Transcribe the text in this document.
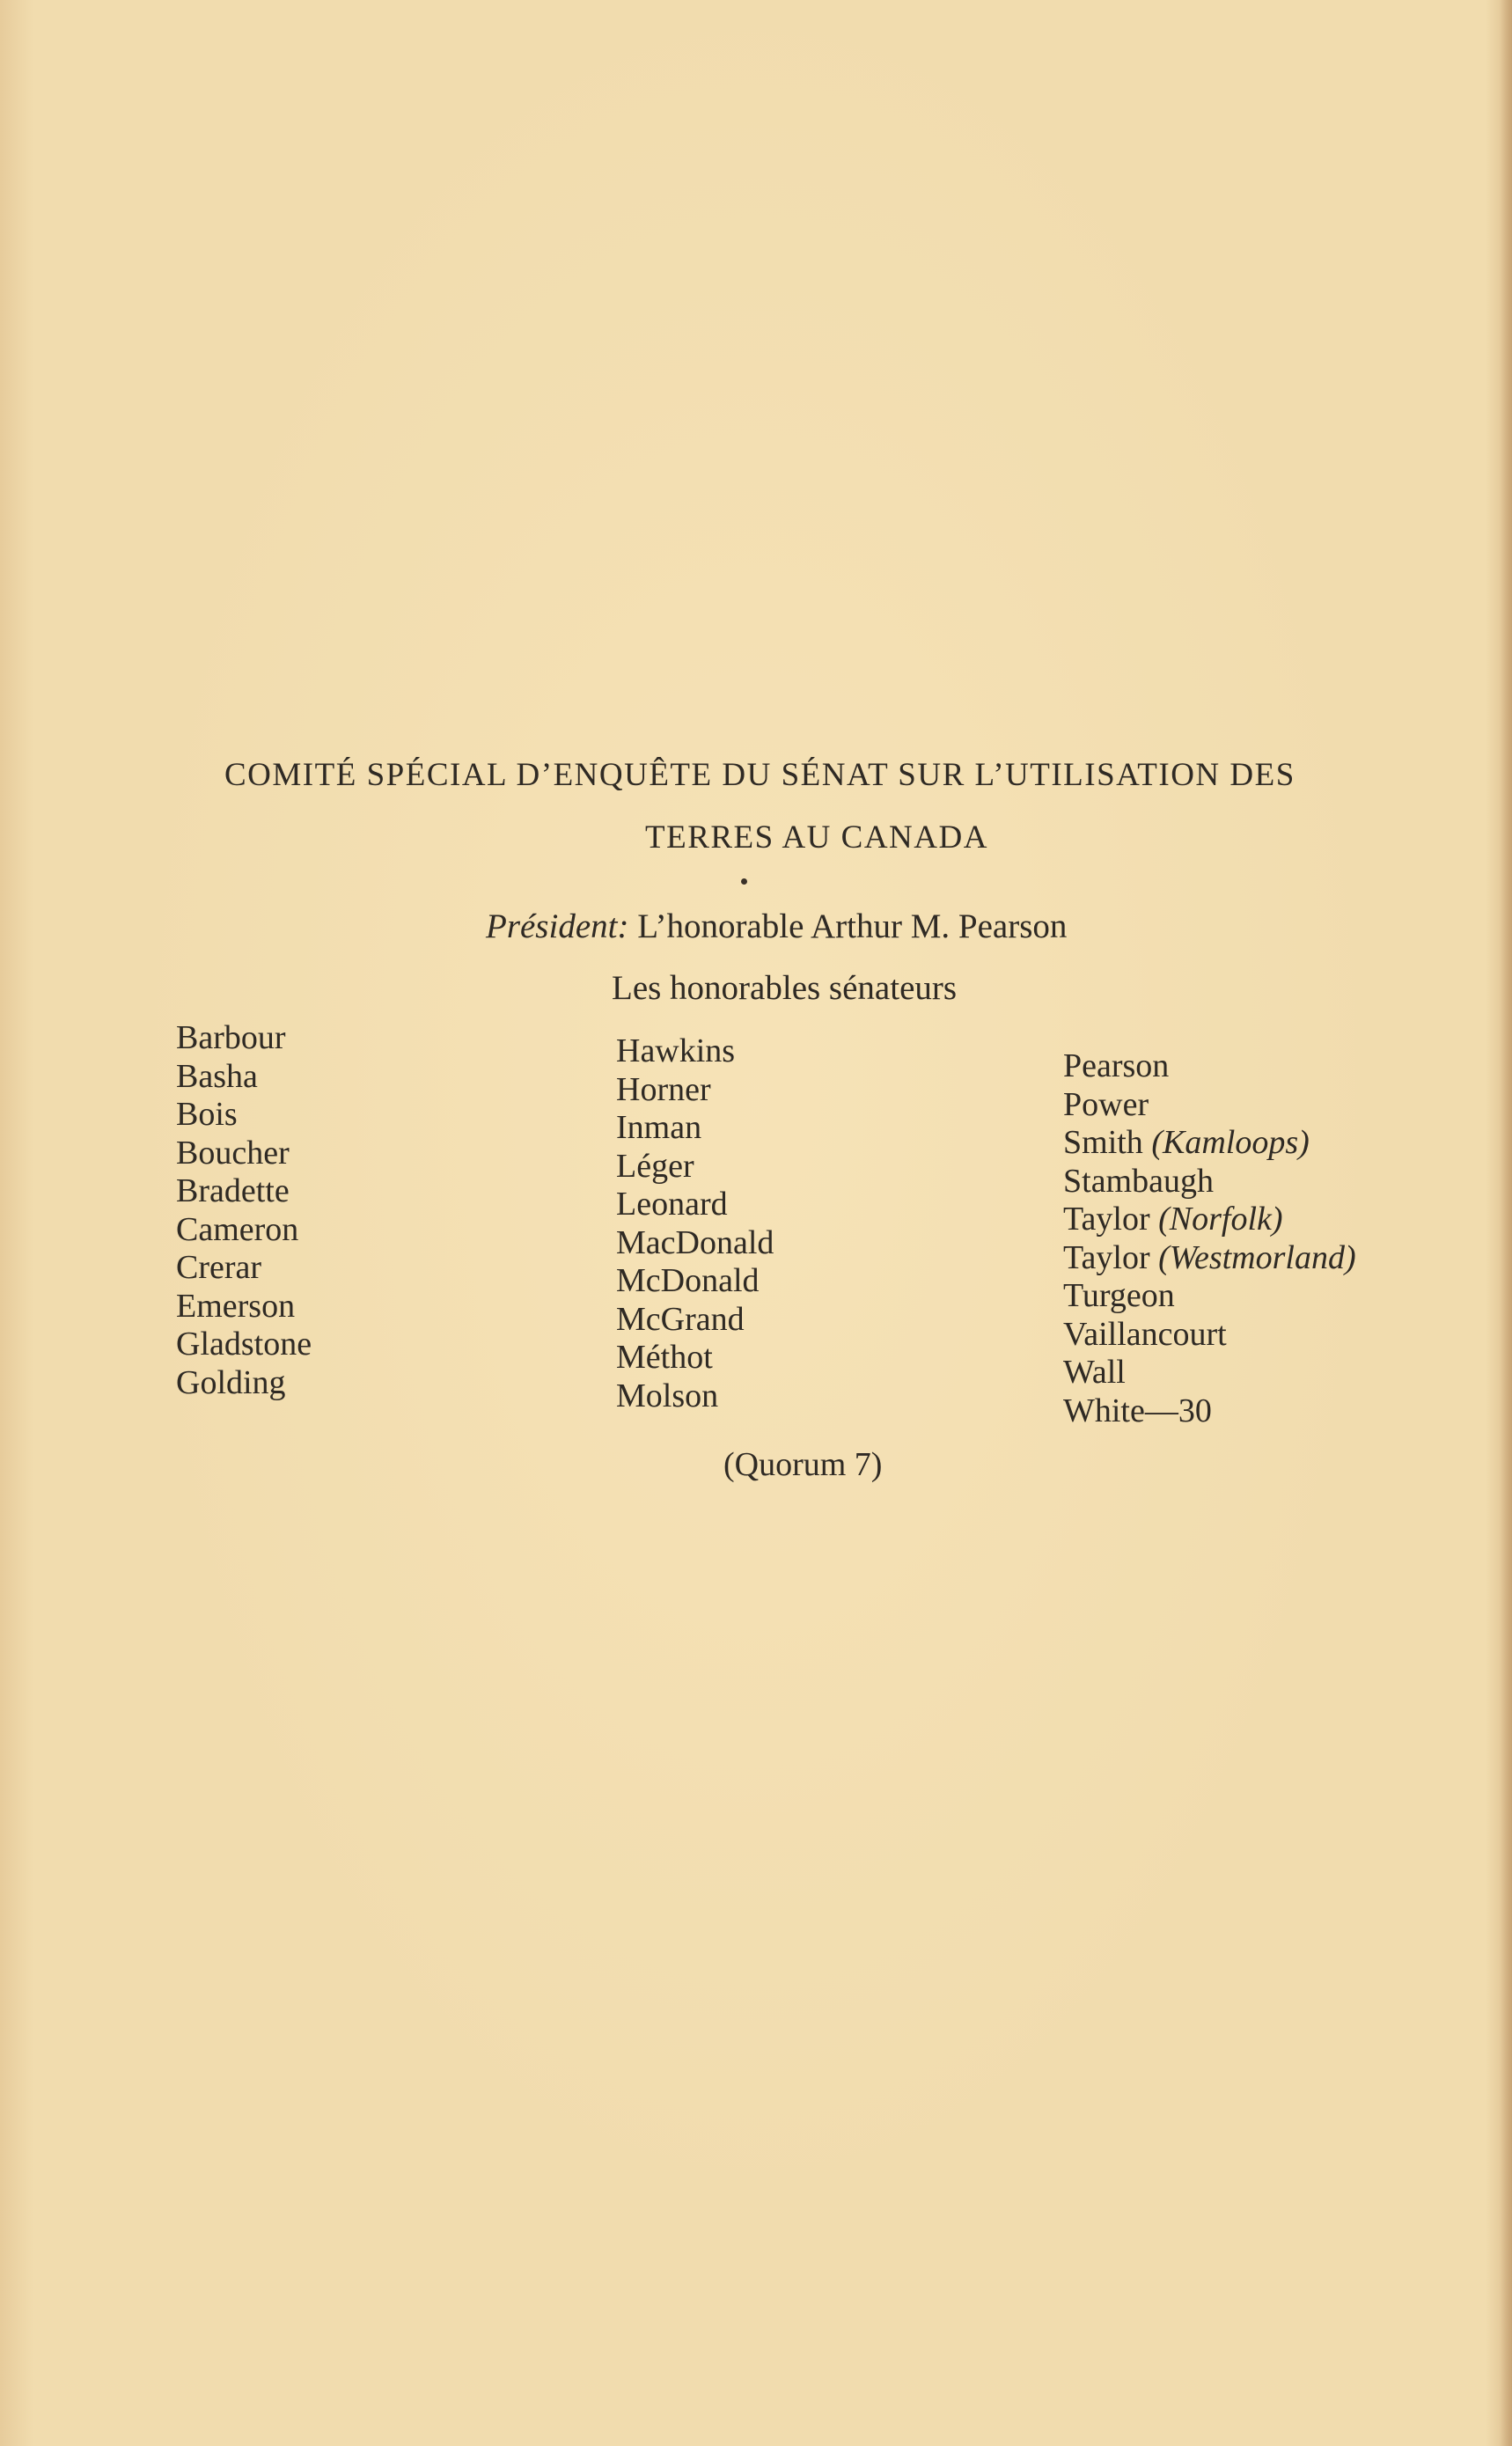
COMITÉ SPÉCIAL D’ENQUÊTE DU SÉNAT SUR L’UTILISATION DES
TERRES AU CANADA
Président: L’honorable Arthur M. Pearson
Les honorables sénateurs
Barbour
Basha
Bois
Boucher
Bradette
Cameron
Crerar
Emerson
Gladstone
Golding
Hawkins
Horner
Inman
Léger
Leonard
MacDonald
McDonald
McGrand
Méthot
Molson
Pearson
Power
Smith (Kamloops)
Stambaugh
Taylor (Norfolk)
Taylor (Westmorland)
Turgeon
Vaillancourt
Wall
White—30
(Quorum 7)
